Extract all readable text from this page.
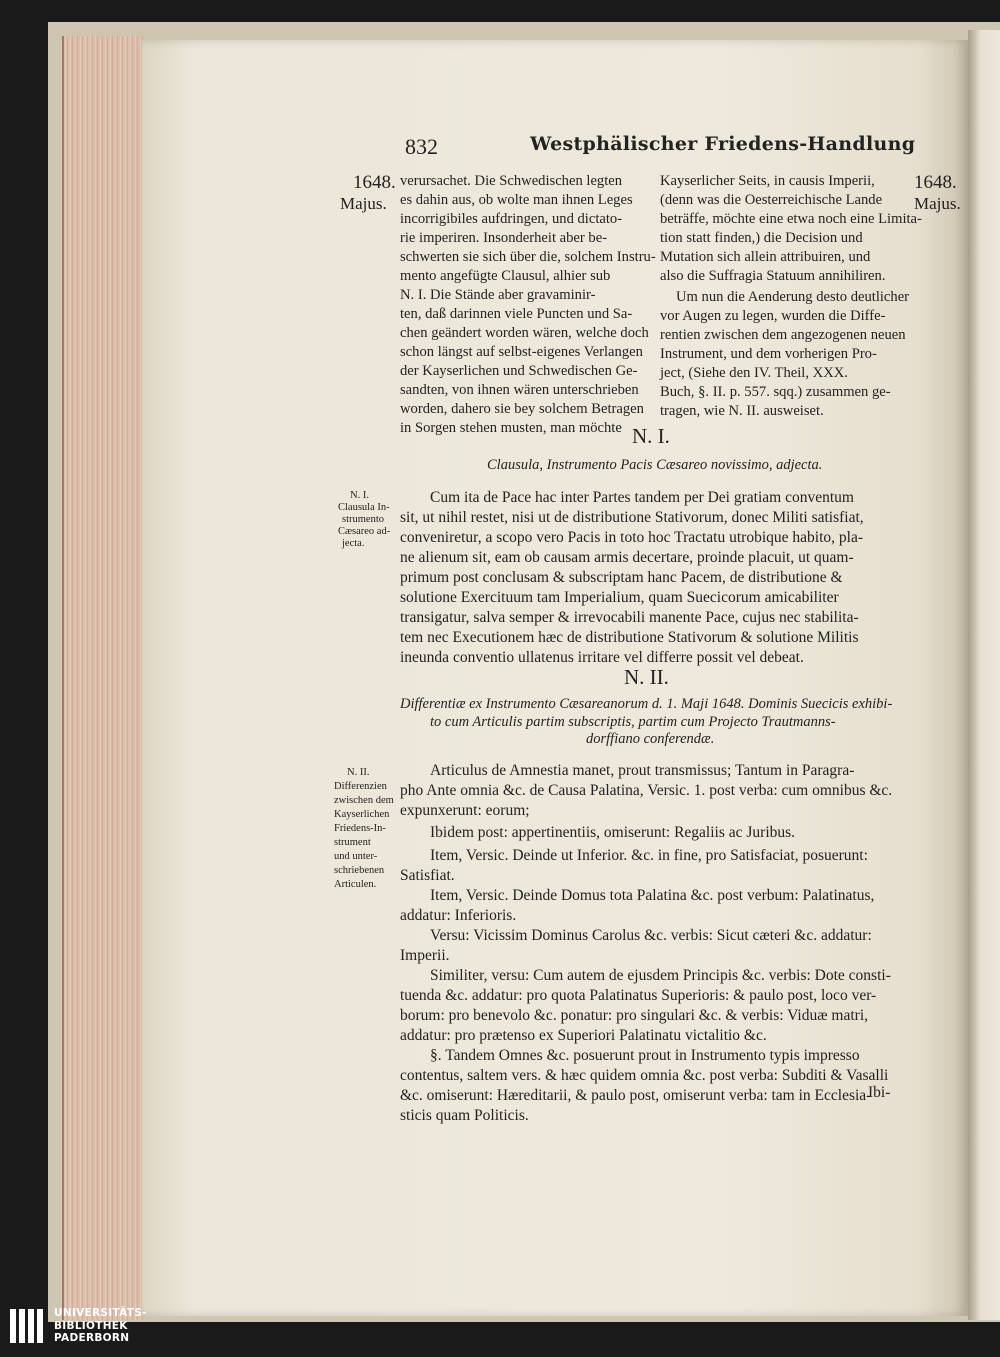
832	Westphälischer Friedens-Handlung
1648.
Majus.
1648.
Majus.
verursachet. Die Schwedischen legten
es dahin aus, ob wolte man ihnen Leges
incorrigibiles aufdringen, und dictato-
rie imperiren. Insonderheit aber be-
schwerten sie sich über die, solchem Instru-
mento angefügte Clausul, alhier sub
N. I. Die Stände aber gravaminir-
ten, daß darinnen viele Puncten und Sa-
chen geändert worden wären, welche doch
schon längst auf selbst-eigenes Verlangen
der Kayserlichen und Schwedischen Ge-
sandten, von ihnen wären unterschrieben
worden, dahero sie bey solchem Betragen
in Sorgen stehen musten, man möchte
Kayserlicher Seits, in causis Imperii,
(denn was die Oesterreichische Lande
beträffe, möchte eine etwa noch eine Limita-
tion statt finden,) die Decision und
Mutation sich allein attribuiren, und
also die Suffragia Statuum annihiliren.
Um nun die Aenderung desto deutlicher
vor Augen zu legen, wurden die Diffe-
rentien zwischen dem angezogenen neuen
Instrument, und dem vorherigen Pro-
ject, (Siehe den IV. Theil, XXX.
Buch, §. II. p. 557. sqq.) zusammen ge-
tragen, wie N. II. ausweiset.
N. I.
Clausula, Instrumento Pacis Cæsareo novissimo, adjecta.
N. I.
Clausula In-
strumento
Cæsareo ad-
jecta.
Cum ita de Pace hac inter Partes tandem per Dei gratiam conventum
sit, ut nihil restet, nisi ut de distributione Stativorum, donec Militi satisfiat,
conveniretur, a scopo vero Pacis in toto hoc Tractatu utrobique habito, pla-
ne alienum sit, eam ob causam armis decertare, proinde placuit, ut quam-
primum post conclusam & subscriptam hanc Pacem, de distributione &
solutione Exercituum tam Imperialium, quam Suecicorum amicabiliter
transigatur, salva semper & irrevocabili manente Pace, cujus nec stabilita-
tem nec Executionem hæc de distributione Stativorum & solutione Militis
ineunda conventio ullatenus irritare vel differre possit vel debeat.
N. II.
Differentiæ ex Instrumento Cæsareanorum d. 1. Maji 1648. Dominis Suecicis exhibi-
to cum Articulis partim subscriptis, partim cum Projecto Trautmanns-
dorffiano conferendæ.
N. II.
Differenzien
zwischen dem
Kayserlichen
Friedens-In-
strument
und unter-
schriebenen
Articulen.
Articulus de Amnestia manet, prout transmissus; Tantum in Paragra-
pho Ante omnia &c. de Causa Palatina, Versic. 1. post verba: cum omnibus &c.
expunxerunt: eorum;
Ibidem post: appertinentiis, omiserunt: Regaliis ac Juribus.
Item, Versic. Deinde ut Inferior. &c. in fine, pro Satisfaciat, posuerunt:
Satisfiat.
Item, Versic. Deinde Domus tota Palatina &c. post verbum: Palatinatus,
addatur: Inferioris.
Versu: Vicissim Dominus Carolus &c. verbis: Sicut cæteri &c. addatur:
Imperii.
Similiter, versu: Cum autem de ejusdem Principis &c. verbis: Dote consti-
tuenda &c. addatur: pro quota Palatinatus Superioris: & paulo post, loco ver-
borum: pro benevolo &c. ponatur: pro singulari &c. & verbis: Viduæ matri,
addatur: pro prætenso ex Superiori Palatinatu victalitio &c.
§. Tandem Omnes &c. posuerunt prout in Instrumento typis impresso
contentus, saltem vers. & hæc quidem omnia &c. post verba: Subditi & Vasalli
&c. omiserunt: Hæreditarii, & paulo post, omiserunt verba: tam in Ecclesia-
sticis quam Politicis.
Ibi-
UNIVERSITÄTS-
BIBLIOTHEK
PADERBORN
